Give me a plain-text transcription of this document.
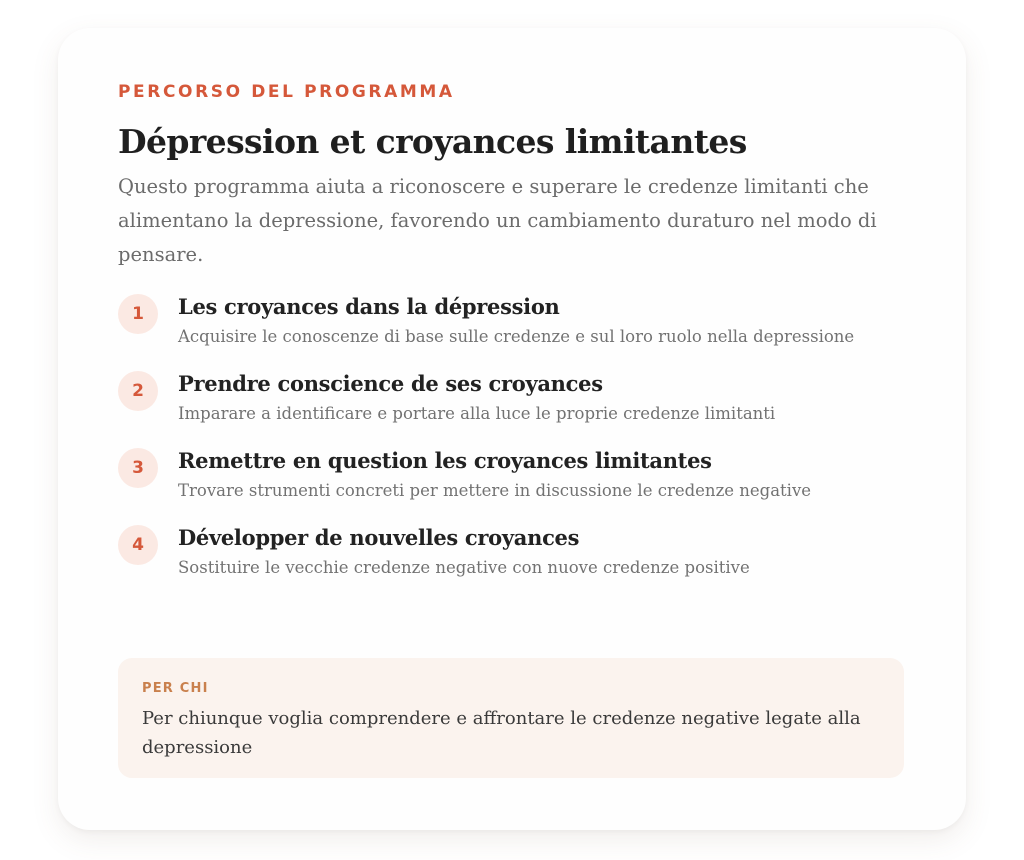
PERCORSO DEL PROGRAMMA

Dépression et croyances limitantes

Questo programma aiuta a riconoscere e superare le credenze limitanti che alimentano la depressione, favorendo un cambiamento duraturo nel modo di pensare.

1	Les croyances dans la dépression

Acquisire le conoscenze di base sulle credenze e sul loro ruolo nella depressione

2	Prendre conscience de ses croyances

Imparare a identificare e portare alla luce le proprie credenze limitanti

3	Remettre en question les croyances limitantes

Trovare strumenti concreti per mettere in discussione le credenze negative

4	Développer de nouvelles croyances

Sostituire le vecchie credenze negative con nuove credenze positive

PER CHI

Per chiunque voglia comprendere e affrontare le credenze negative legate alla depressione
